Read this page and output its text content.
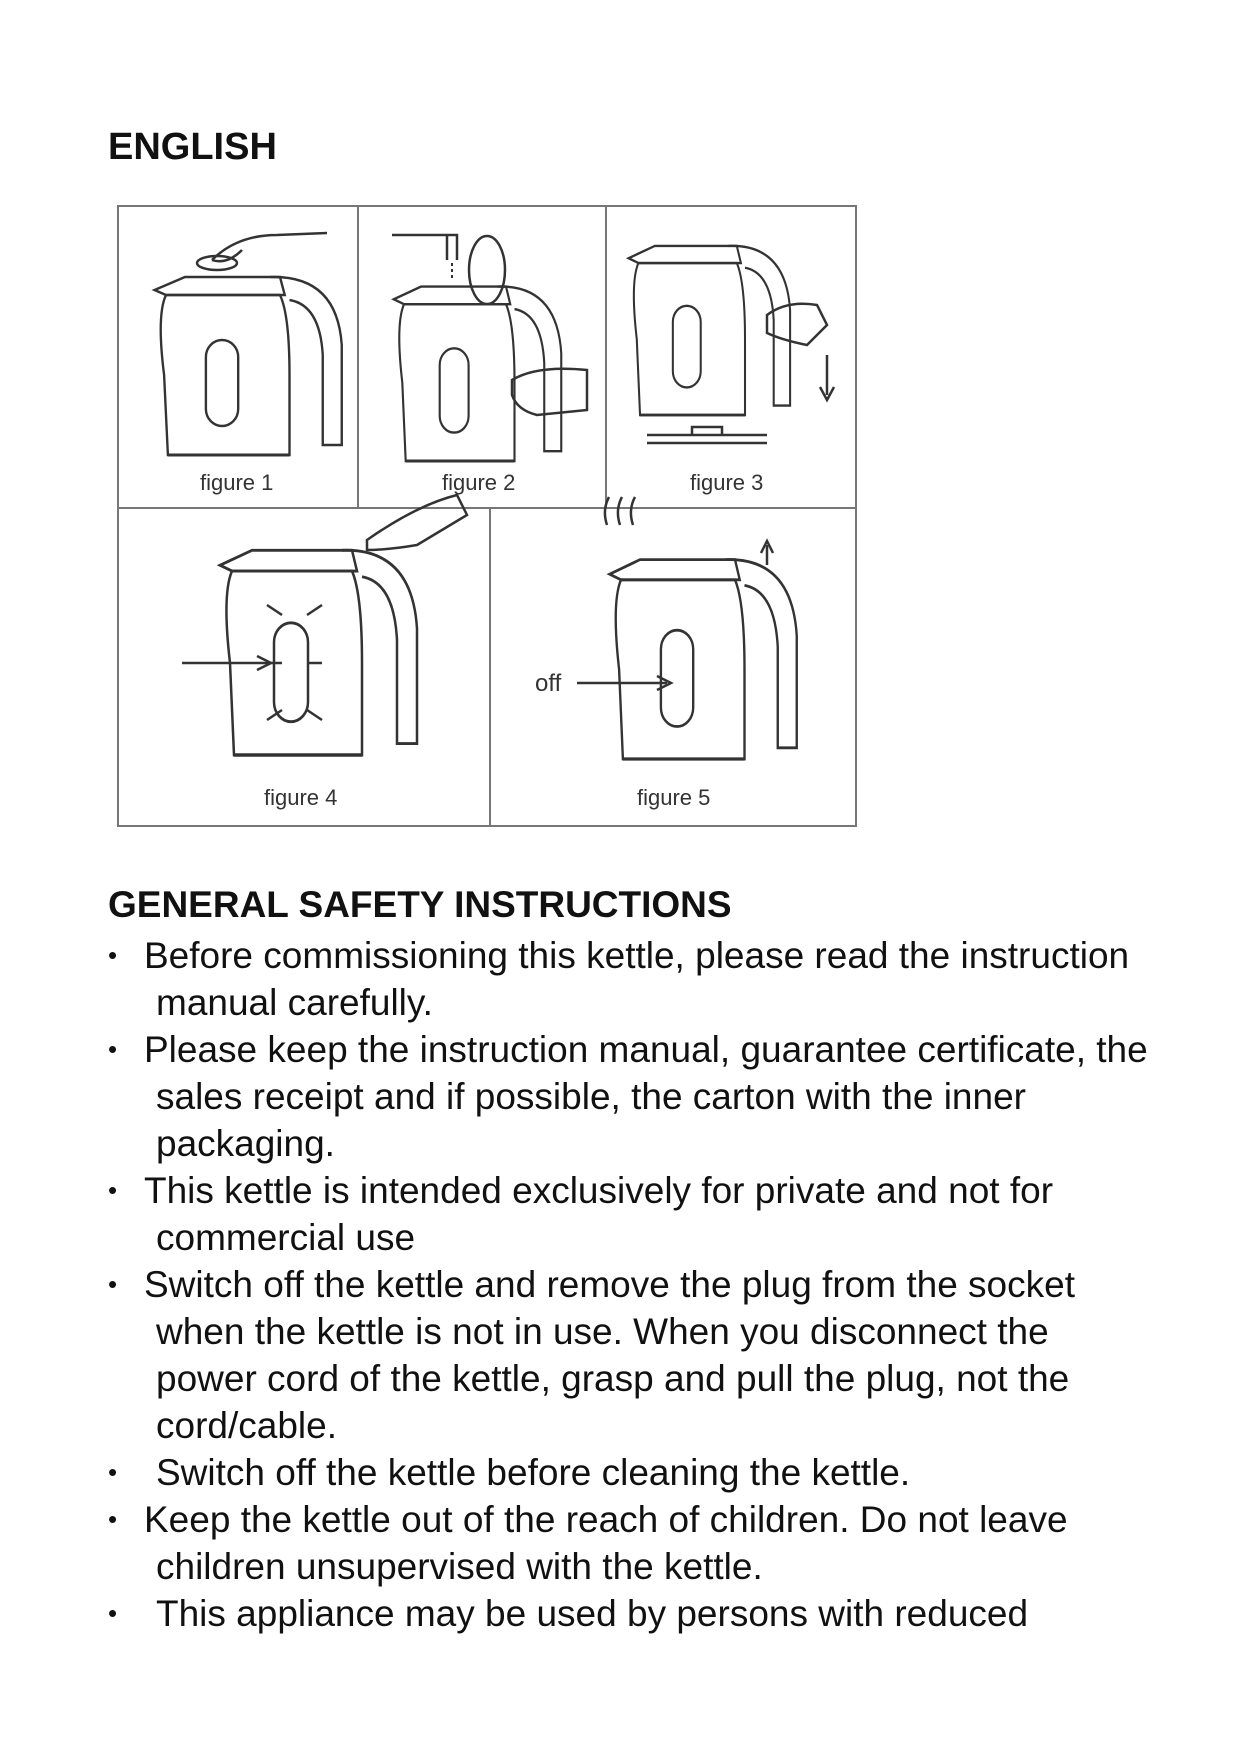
ENGLISH
figure 1	figure 2	figure 3
figure 4
off
figure 5
GENERAL SAFETY INSTRUCTIONS
• Before commissioning this kettle, please read the instruction manual carefully.
• Please keep the instruction manual, guarantee certificate, the sales receipt and if possible, the carton with the inner packaging.
• This kettle is intended exclusively for private and not for commercial use
• Switch off the kettle and remove the plug from the socket when the kettle is not in use. When you disconnect the power cord of the kettle, grasp and pull the plug, not the cord/cable.
•	Switch off the kettle before cleaning the kettle.
• Keep the kettle out of the reach of children. Do not leave children unsupervised with the kettle.
•	This appliance may be used by persons with reduced
